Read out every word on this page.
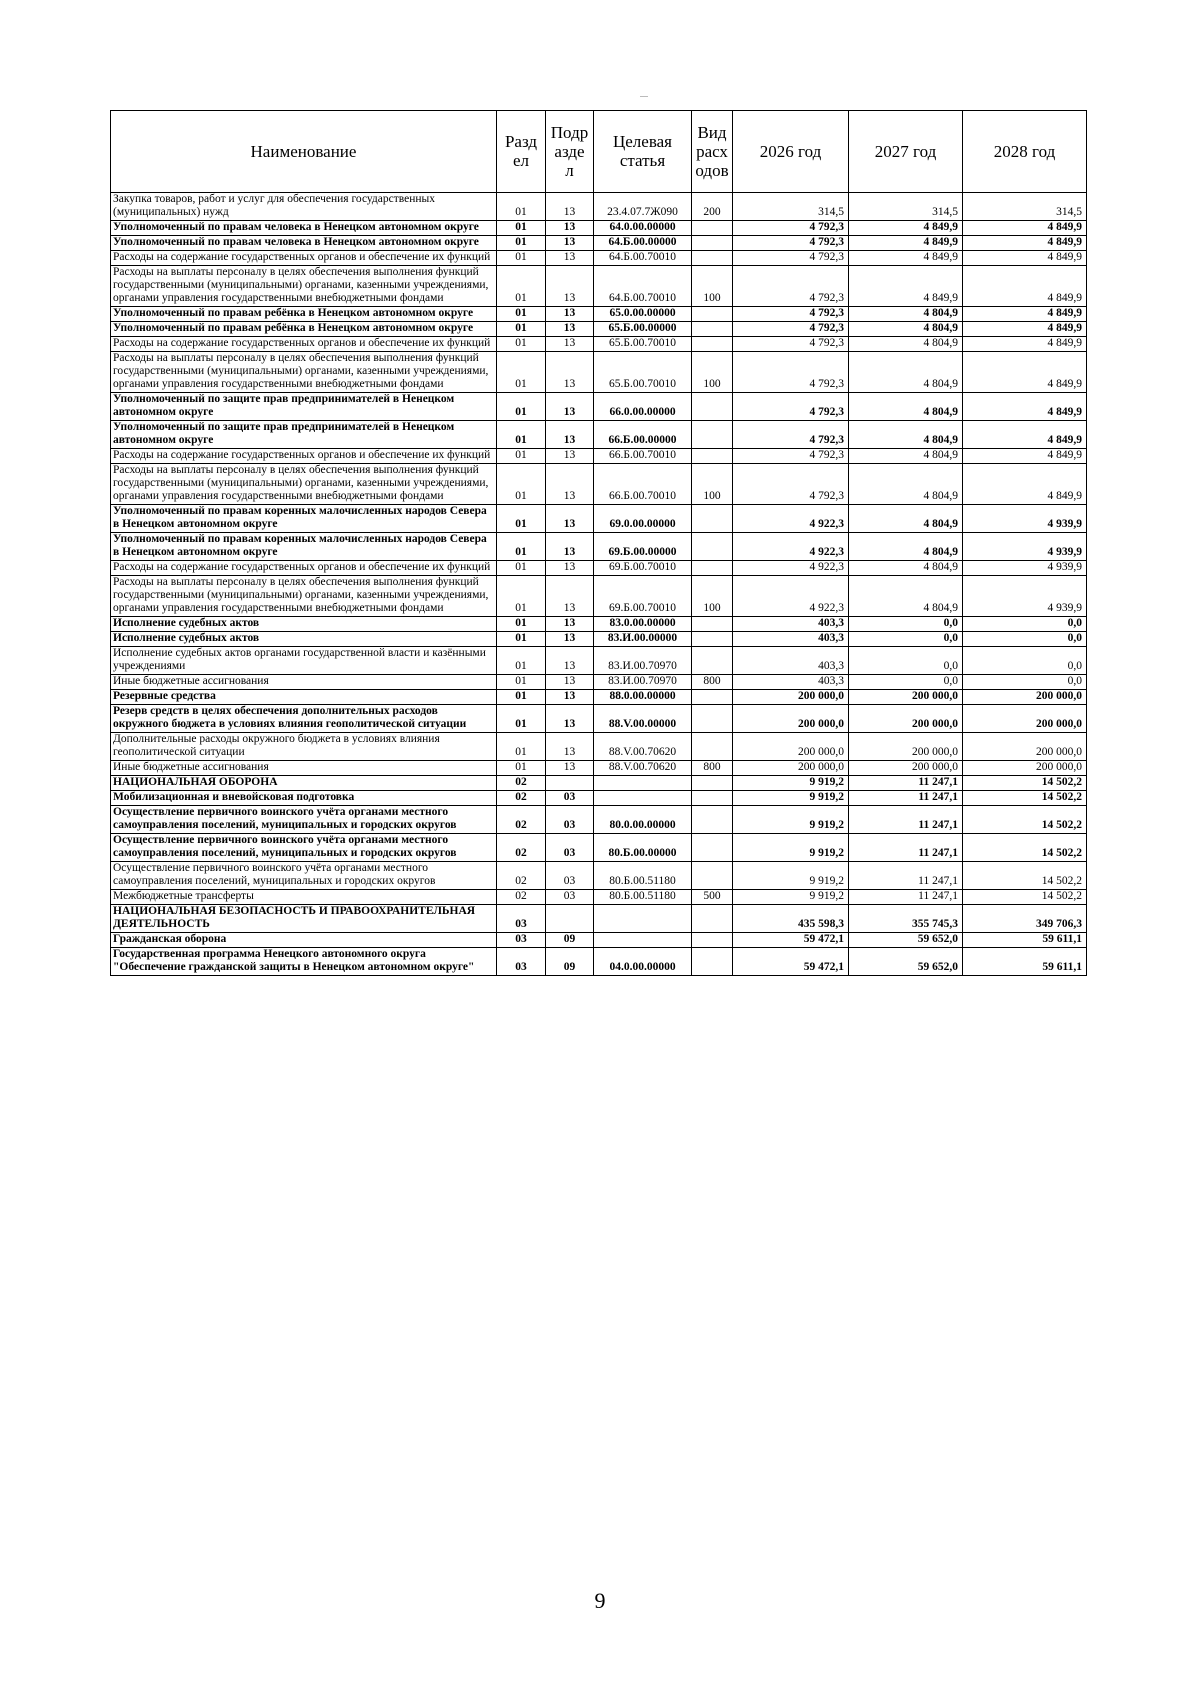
Наименование	Разд ел	Подр азде л	Целевая статья	Вид расх одов	2026 год	2027 год	2028 год
Закупка товаров, работ и услуг для обеспечения государственных (муниципальных) нужд	01	13	23.4.07.7Ж090	200	314,5	314,5	314,5
Уполномоченный по правам человека в Ненецком автономном округе	01	13	64.0.00.00000		4 792,3	4 849,9	4 849,9
Уполномоченный по правам человека в Ненецком автономном округе	01	13	64.Б.00.00000		4 792,3	4 849,9	4 849,9
Расходы на содержание государственных органов и обеспечение их функций	01	13	64.Б.00.70010		4 792,3	4 849,9	4 849,9
Расходы на выплаты персоналу в целях обеспечения выполнения функций государственными (муниципальными) органами, казенными учреждениями, органами управления государственными внебюджетными фондами	01	13	64.Б.00.70010	100	4 792,3	4 849,9	4 849,9
Уполномоченный по правам ребёнка в Ненецком автономном округе	01	13	65.0.00.00000		4 792,3	4 804,9	4 849,9
Уполномоченный по правам ребёнка в Ненецком автономном округе	01	13	65.Б.00.00000		4 792,3	4 804,9	4 849,9
Расходы на содержание государственных органов и обеспечение их функций	01	13	65.Б.00.70010		4 792,3	4 804,9	4 849,9
Расходы на выплаты персоналу в целях обеспечения выполнения функций государственными (муниципальными) органами, казенными учреждениями, органами управления государственными внебюджетными фондами	01	13	65.Б.00.70010	100	4 792,3	4 804,9	4 849,9
Уполномоченный по защите прав предпринимателей в Ненецком автономном округе	01	13	66.0.00.00000		4 792,3	4 804,9	4 849,9
Уполномоченный по защите прав предпринимателей в Ненецком автономном округе	01	13	66.Б.00.00000		4 792,3	4 804,9	4 849,9
Расходы на содержание государственных органов и обеспечение их функций	01	13	66.Б.00.70010		4 792,3	4 804,9	4 849,9
Расходы на выплаты персоналу в целях обеспечения выполнения функций государственными (муниципальными) органами, казенными учреждениями, органами управления государственными внебюджетными фондами	01	13	66.Б.00.70010	100	4 792,3	4 804,9	4 849,9
Уполномоченный по правам коренных малочисленных народов Севера в Ненецком автономном округе	01	13	69.0.00.00000		4 922,3	4 804,9	4 939,9
Уполномоченный по правам коренных малочисленных народов Севера в Ненецком автономном округе	01	13	69.Б.00.00000		4 922,3	4 804,9	4 939,9
Расходы на содержание государственных органов и обеспечение их функций	01	13	69.Б.00.70010		4 922,3	4 804,9	4 939,9
Расходы на выплаты персоналу в целях обеспечения выполнения функций государственными (муниципальными) органами, казенными учреждениями, органами управления государственными внебюджетными фондами	01	13	69.Б.00.70010	100	4 922,3	4 804,9	4 939,9
Исполнение судебных актов	01	13	83.0.00.00000		403,3	0,0	0,0
Исполнение судебных актов	01	13	83.И.00.00000		403,3	0,0	0,0
Исполнение судебных актов органами государственной власти и казёнными учреждениями	01	13	83.И.00.70970		403,3	0,0	0,0
Иные бюджетные ассигнования	01	13	83.И.00.70970	800	403,3	0,0	0,0
Резервные средства	01	13	88.0.00.00000		200 000,0	200 000,0	200 000,0
Резерв средств в целях обеспечения дополнительных расходов окружного бюджета в условиях влияния геополитической ситуации	01	13	88.V.00.00000		200 000,0	200 000,0	200 000,0
Дополнительные расходы окружного бюджета в условиях влияния геополитической ситуации	01	13	88.V.00.70620		200 000,0	200 000,0	200 000,0
Иные бюджетные ассигнования	01	13	88.V.00.70620	800	200 000,0	200 000,0	200 000,0
НАЦИОНАЛЬНАЯ ОБОРОНА	02				9 919,2	11 247,1	14 502,2
Мобилизационная и вневойсковая подготовка	02	03			9 919,2	11 247,1	14 502,2
Осуществление первичного воинского учёта органами местного самоуправления поселений, муниципальных и городских округов	02	03	80.0.00.00000		9 919,2	11 247,1	14 502,2
Осуществление первичного воинского учёта органами местного самоуправления поселений, муниципальных и городских округов	02	03	80.Б.00.00000		9 919,2	11 247,1	14 502,2
Осуществление первичного воинского учёта органами местного самоуправления поселений, муниципальных и городских округов	02	03	80.Б.00.51180		9 919,2	11 247,1	14 502,2
Межбюджетные трансферты	02	03	80.Б.00.51180	500	9 919,2	11 247,1	14 502,2
НАЦИОНАЛЬНАЯ БЕЗОПАСНОСТЬ И ПРАВООХРАНИТЕЛЬНАЯ ДЕЯТЕЛЬНОСТЬ	03				435 598,3	355 745,3	349 706,3
Гражданская оборона	03	09			59 472,1	59 652,0	59 611,1
Государственная программа Ненецкого автономного округа "Обеспечение гражданской защиты в Ненецком автономном округе"	03	09	04.0.00.00000		59 472,1	59 652,0	59 611,1
9
